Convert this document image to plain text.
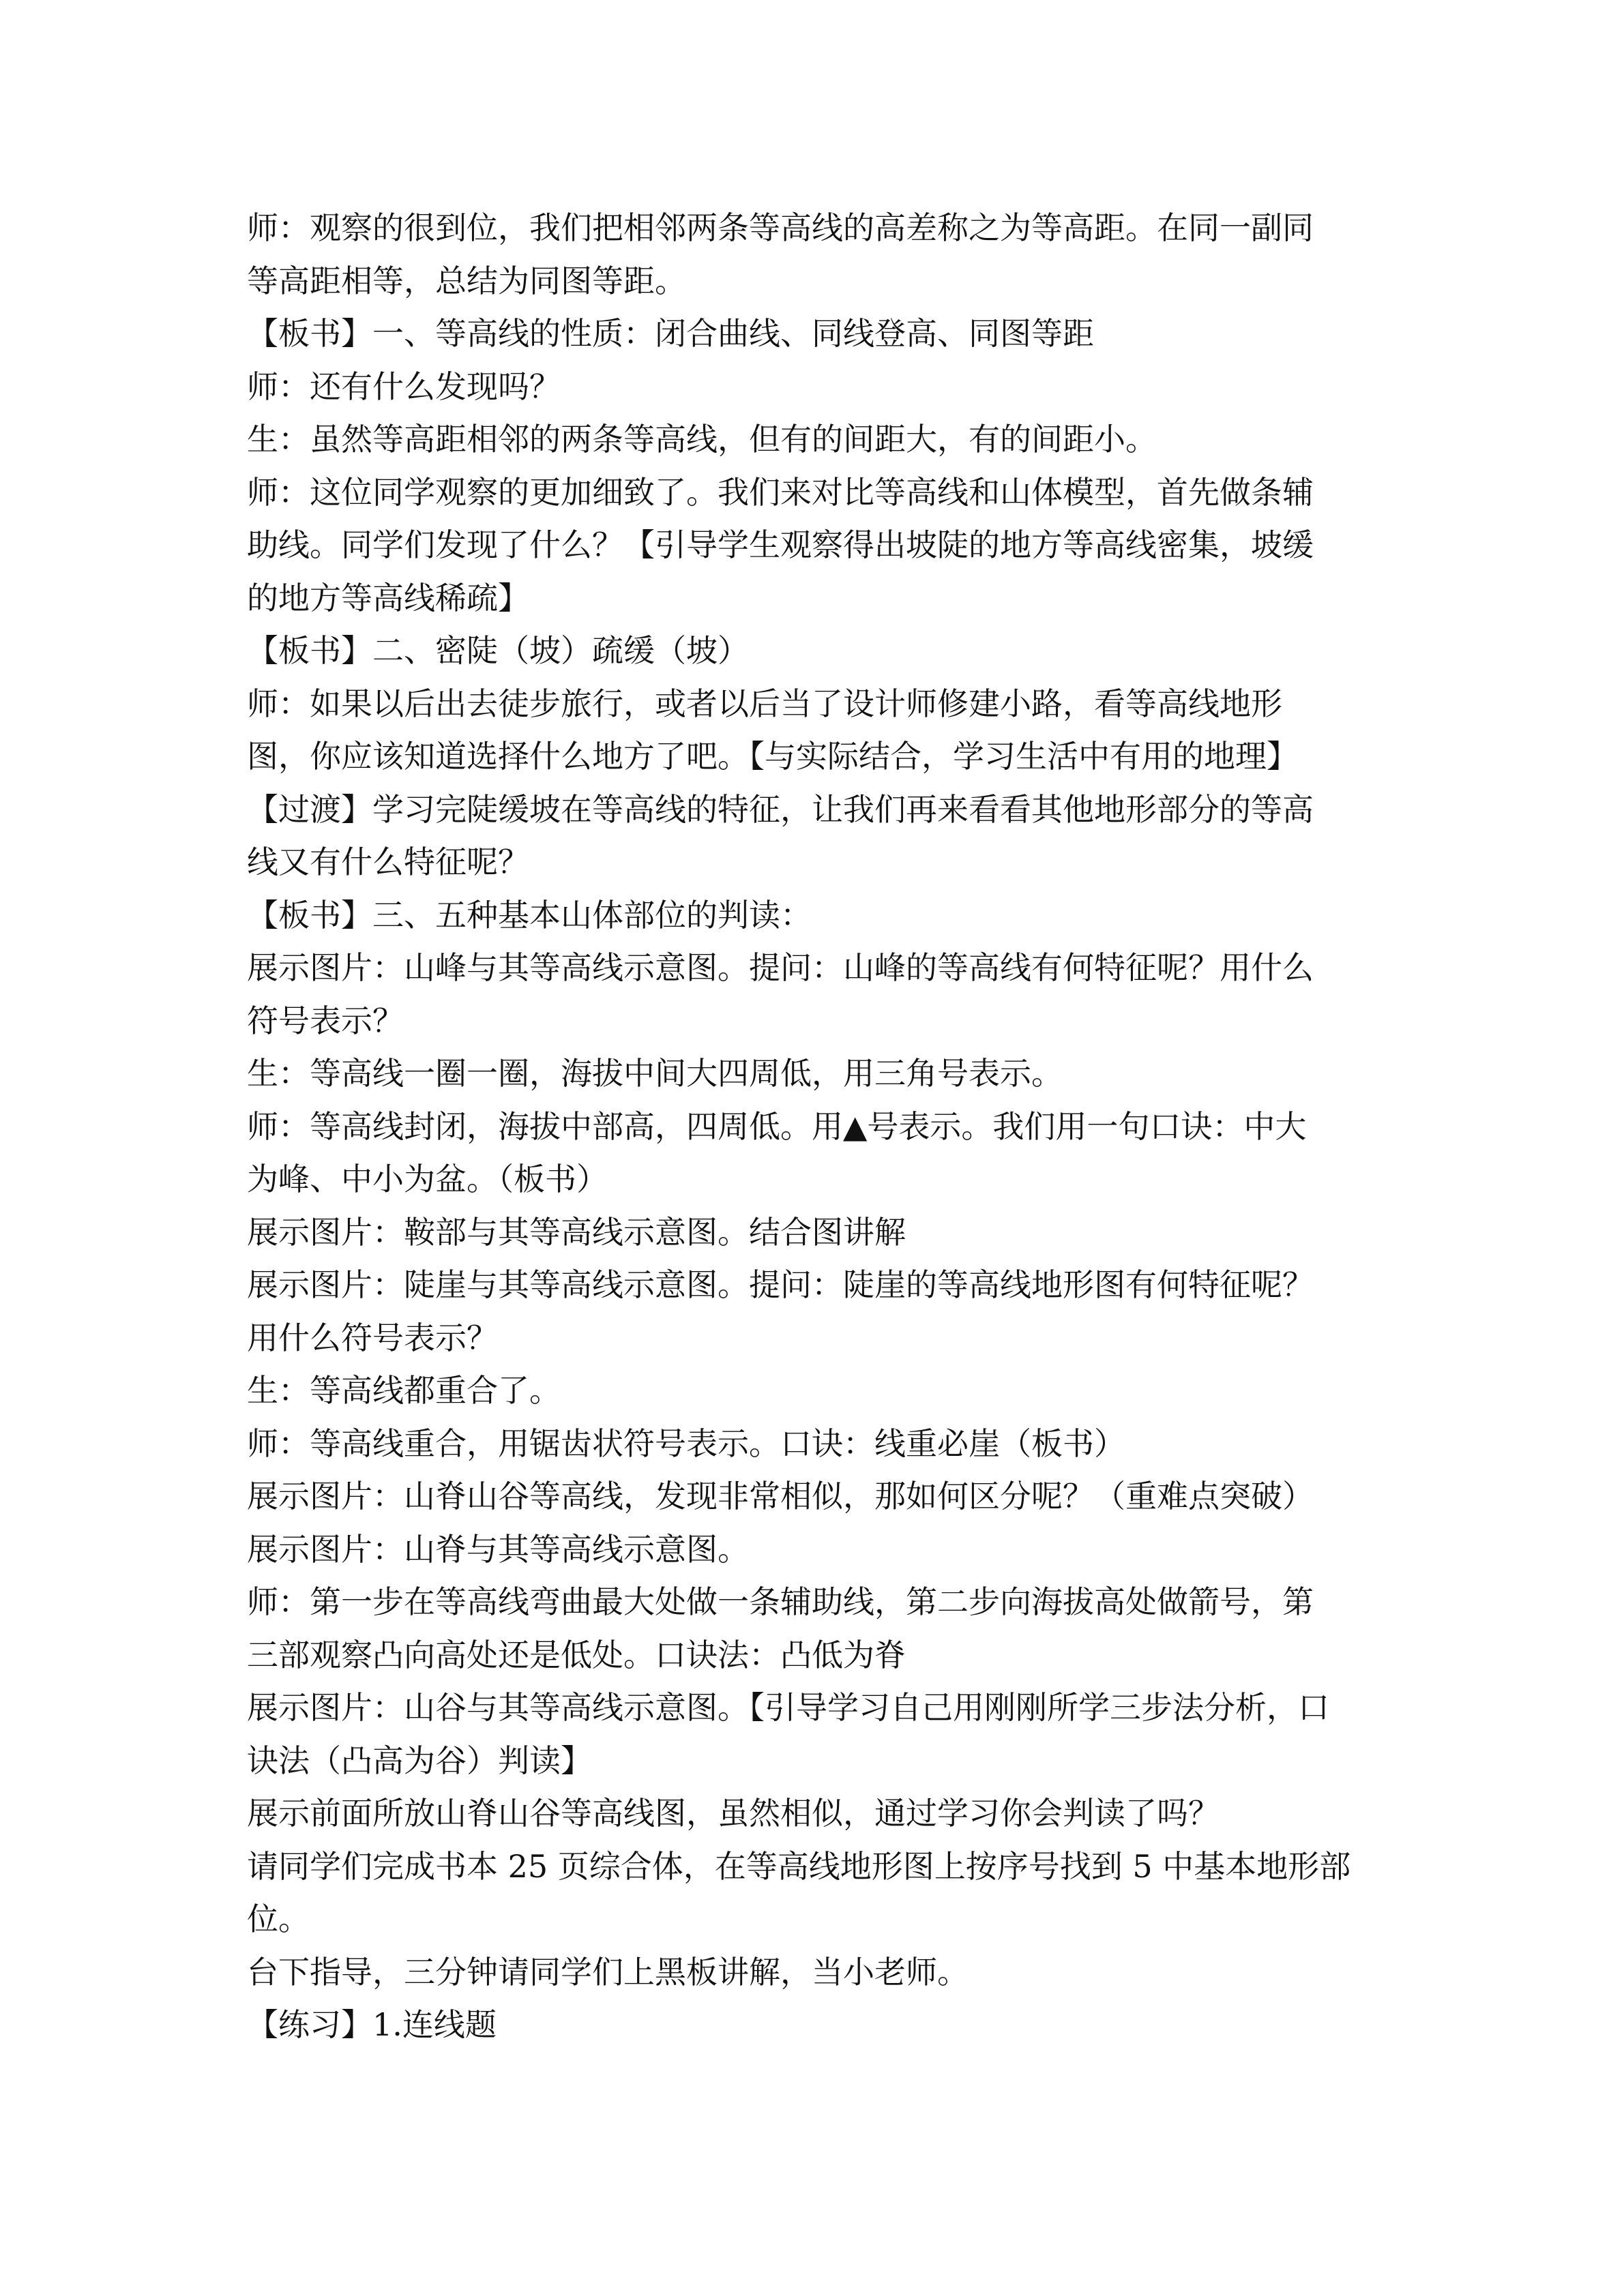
师：观察的很到位，我们把相邻两条等高线的高差称之为等高距。在同一副同
等高距相等，总结为同图等距。
【板书】一、等高线的性质：闭合曲线、同线登高、同图等距
师：还有什么发现吗？
生：虽然等高距相邻的两条等高线，但有的间距大，有的间距小。
师：这位同学观察的更加细致了。我们来对比等高线和山体模型，首先做条辅
助线。同学们发现了什么？【引导学生观察得出坡陡的地方等高线密集，坡缓
的地方等高线稀疏】
【板书】二、密陡（坡）疏缓（坡）
师：如果以后出去徒步旅行，或者以后当了设计师修建小路，看等高线地形
图，你应该知道选择什么地方了吧。【与实际结合，学习生活中有用的地理】
【过渡】学习完陡缓坡在等高线的特征，让我们再来看看其他地形部分的等高
线又有什么特征呢？
【板书】三、五种基本山体部位的判读：
展示图片：山峰与其等高线示意图。提问：山峰的等高线有何特征呢？用什么
符号表示？
生：等高线一圈一圈，海拔中间大四周低，用三角号表示。
师：等高线封闭，海拔中部高，四周低。用▲号表示。我们用一句口诀：中大
为峰、中小为盆。（板书）
展示图片：鞍部与其等高线示意图。结合图讲解
展示图片：陡崖与其等高线示意图。提问：陡崖的等高线地形图有何特征呢？
用什么符号表示？
生：等高线都重合了。
师：等高线重合，用锯齿状符号表示。口诀：线重必崖（板书）
展示图片：山脊山谷等高线，发现非常相似，那如何区分呢？（重难点突破）
展示图片：山脊与其等高线示意图。
师：第一步在等高线弯曲最大处做一条辅助线，第二步向海拔高处做箭号，第
三部观察凸向高处还是低处。口诀法：凸低为脊
展示图片：山谷与其等高线示意图。【引导学习自己用刚刚所学三步法分析，口
诀法（凸高为谷）判读】
展示前面所放山脊山谷等高线图，虽然相似，通过学习你会判读了吗？
请同学们完成书本 25 页综合体，在等高线地形图上按序号找到 5 中基本地形部
位。
台下指导，三分钟请同学们上黑板讲解，当小老师。
【练习】1.连线题
